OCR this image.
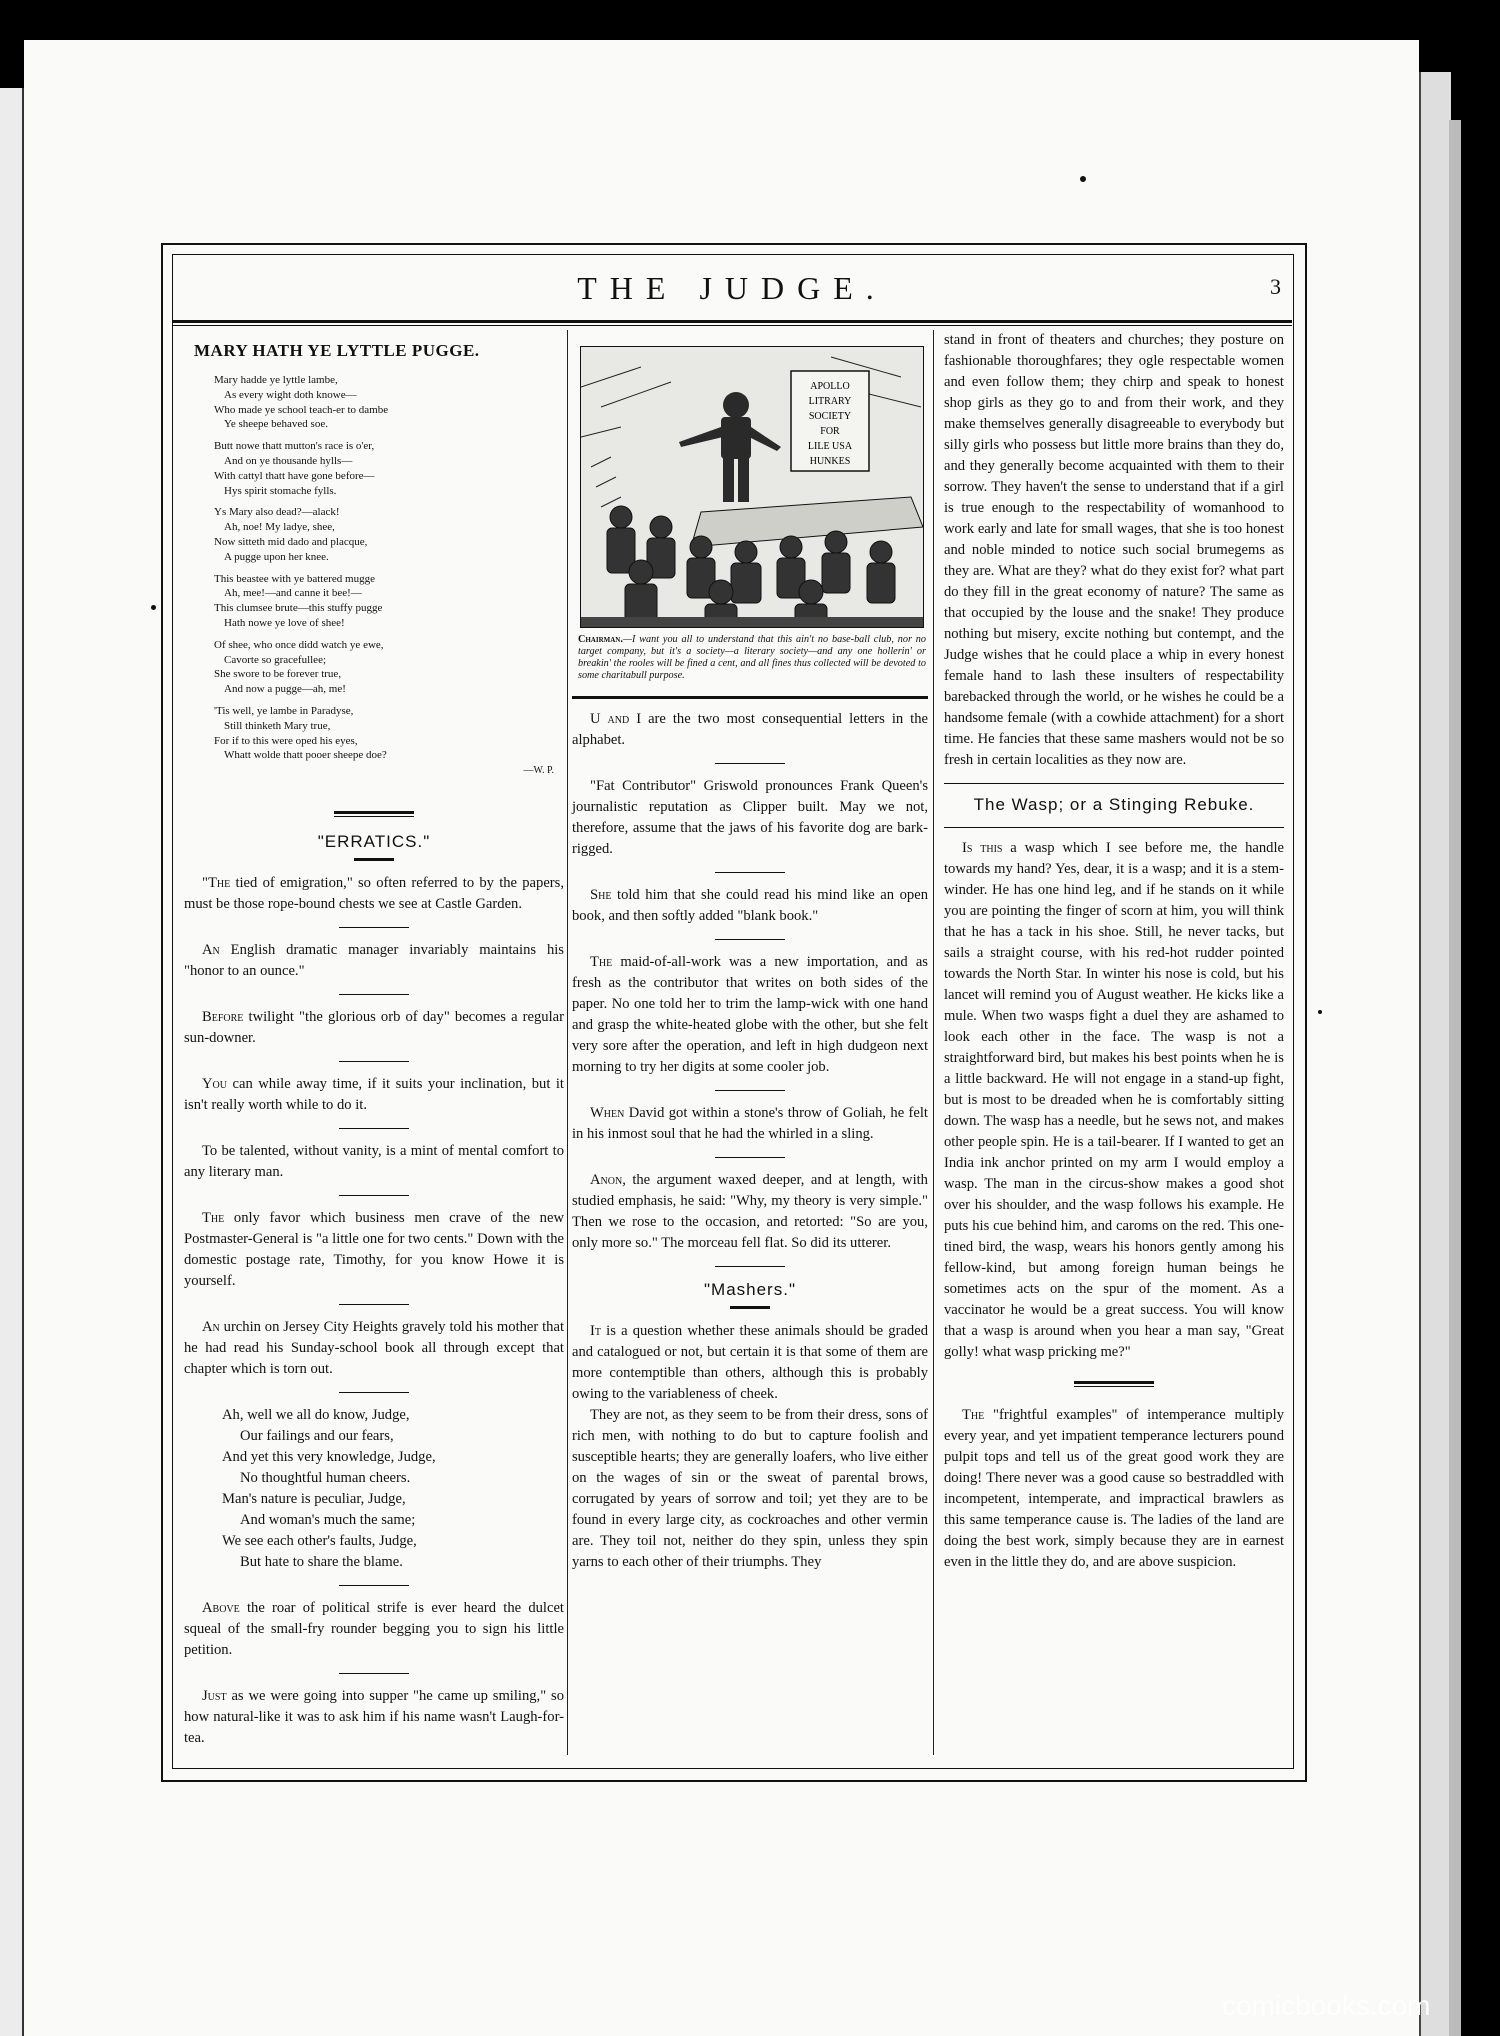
THE JUDGE.	3
MARY HATH YE LYTTLE PUGGE.
Mary hadde ye lyttle lambe,
As every wight doth knowe—
Who made ye school teach-er to dambe
Ye sheepe behaved soe.
Butt nowe thatt mutton's race is o'er,
And on ye thousande hylls—
With cattyl thatt have gone before—
Hys spirit stomache fylls.
Ys Mary also dead?—alack!
Ah, noe! My ladye, shee,
Now sitteth mid dado and placque,
A pugge upon her knee.
This beastee with ye battered mugge
Ah, mee!—and canne it bee!—
This clumsee brute—this stuffy pugge
Hath nowe ye love of shee!
Of shee, who once didd watch ye ewe,
Cavorte so gracefullee;
She swore to be forever true,
And now a pugge—ah, me!
'Tis well, ye lambe in Paradyse,
Still thinketh Mary true,
For if to this were oped his eyes,
Whatt wolde thatt pooer sheepe doe?
—W. P.
"ERRATICS."

"The tied of emigration," so often referred to by the papers, must be those rope-bound chests we see at Castle Garden.

An English dramatic manager invariably maintains his "honor to an ounce."

Before twilight "the glorious orb of day" becomes a regular sun-downer.

You can while away time, if it suits your inclination, but it isn't really worth while to do it.

To be talented, without vanity, is a mint of mental comfort to any literary man.

The only favor which business men crave of the new Postmaster-General is "a little one for two cents." Down with the domestic postage rate, Timothy, for you know Howe it is yourself.

An urchin on Jersey City Heights gravely told his mother that he had read his Sunday-school book all through except that chapter which is torn out.

Ah, well we all do know, Judge,
Our failings and our fears,
And yet this very knowledge, Judge,
No thoughtful human cheers.
Man's nature is peculiar, Judge,
And woman's much the same;
We see each other's faults, Judge,
But hate to share the blame.

Above the roar of political strife is ever heard the dulcet squeal of the small-fry rounder begging you to sign his little petition.

Just as we were going into supper "he came up smiling," so how natural-like it was to ask him if his name wasn't Laugh-for-tea.

APOLLO
LITRARY
SOCIETY
FOR
LILE USA
HUNKES
Chairman.—I want you all to understand that this ain't no base-ball club, nor no target company, but it's a society—a literary society—and any one hollerin' or breakin' the rooles will be fined a cent, and all fines thus collected will be devoted to some charitabull purpose.

U and I are the two most consequential letters in the alphabet.

"Fat Contributor" Griswold pronounces Frank Queen's journalistic reputation as Clipper built. May we not, therefore, assume that the jaws of his favorite dog are bark-rigged.

She told him that she could read his mind like an open book, and then softly added "blank book."

The maid-of-all-work was a new importation, and as fresh as the contributor that writes on both sides of the paper. No one told her to trim the lamp-wick with one hand and grasp the white-heated globe with the other, but she felt very sore after the operation, and left in high dudgeon next morning to try her digits at some cooler job.

When David got within a stone's throw of Goliah, he felt in his inmost soul that he had the whirled in a sling.

Anon, the argument waxed deeper, and at length, with studied emphasis, he said: "Why, my theory is very simple." Then we rose to the occasion, and retorted: "So are you, only more so." The morceau fell flat. So did its utterer.

"Mashers."

It is a question whether these animals should be graded and catalogued or not, but certain it is that some of them are more contemptible than others, although this is probably owing to the variableness of cheek.

They are not, as they seem to be from their dress, sons of rich men, with nothing to do but to capture foolish and susceptible hearts; they are generally loafers, who live either on the wages of sin or the sweat of parental brows, corrugated by years of sorrow and toil; yet they are to be found in every large city, as cockroaches and other vermin are. They toil not, neither do they spin, unless they spin yarns to each other of their triumphs. They

stand in front of theaters and churches; they posture on fashionable thoroughfares; they ogle respectable women and even follow them; they chirp and speak to honest shop girls as they go to and from their work, and they make themselves generally disagreeable to everybody but silly girls who possess but little more brains than they do, and they generally become acquainted with them to their sorrow. They haven't the sense to understand that if a girl is true enough to the respectability of womanhood to work early and late for small wages, that she is too honest and noble minded to notice such social brumegems as they are. What are they? what do they exist for? what part do they fill in the great economy of nature? The same as that occupied by the louse and the snake! They produce nothing but misery, excite nothing but contempt, and the Judge wishes that he could place a whip in every honest female hand to lash these insulters of respectability barebacked through the world, or he wishes he could be a handsome female (with a cowhide attachment) for a short time. He fancies that these same mashers would not be so fresh in certain localities as they now are.

The Wasp; or a Stinging Rebuke.

Is this a wasp which I see before me, the handle towards my hand? Yes, dear, it is a wasp; and it is a stem-winder. He has one hind leg, and if he stands on it while you are pointing the finger of scorn at him, you will think that he has a tack in his shoe. Still, he never tacks, but sails a straight course, with his red-hot rudder pointed towards the North Star. In winter his nose is cold, but his lancet will remind you of August weather. He kicks like a mule. When two wasps fight a duel they are ashamed to look each other in the face. The wasp is not a straightforward bird, but makes his best points when he is a little backward. He will not engage in a stand-up fight, but is most to be dreaded when he is comfortably sitting down. The wasp has a needle, but he sews not, and makes other people spin. He is a tail-bearer. If I wanted to get an India ink anchor printed on my arm I would employ a wasp. The man in the circus-show makes a good shot over his shoulder, and the wasp follows his example. He puts his cue behind him, and caroms on the red. This one-tined bird, the wasp, wears his honors gently among his fellow-kind, but among foreign human beings he sometimes acts on the spur of the moment. As a vaccinator he would be a great success. You will know that a wasp is around when you hear a man say, "Great golly! what wasp pricking me?"

The "frightful examples" of intemperance multiply every year, and yet impatient temperance lecturers pound pulpit tops and tell us of the great good work they are doing! There never was a good cause so bestraddled with incompetent, intemperate, and impractical brawlers as this same temperance cause is. The ladies of the land are doing the best work, simply because they are in earnest even in the little they do, and are above suspicion.

comicbooks.com
